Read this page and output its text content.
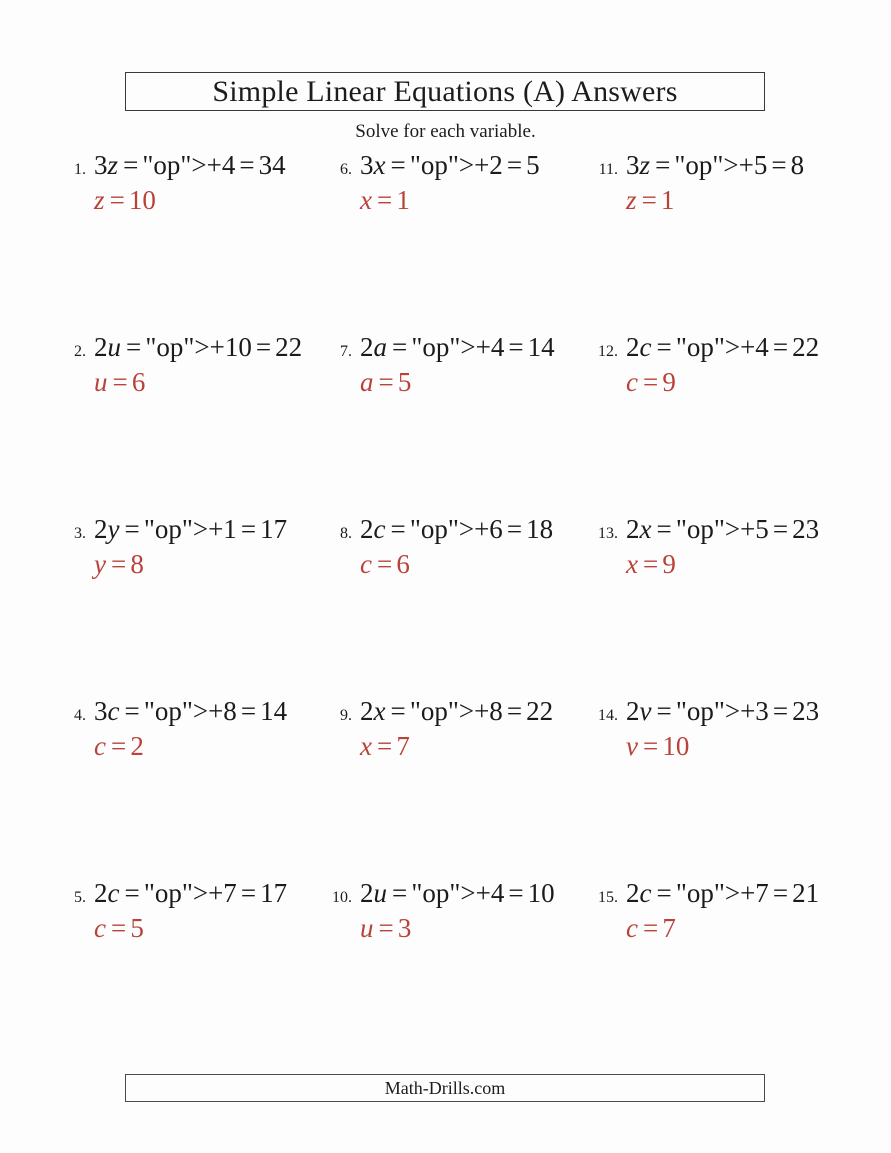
Simple Linear Equations (A) Answers
Solve for each variable.
1. 3z = "op">+4 = 34
z = 10
2. 2u = "op">+10 = 22
u = 6
3. 2y = "op">+1 = 17
y = 8
4. 3c = "op">+8 = 14
c = 2
5. 2c = "op">+7 = 17
c = 5
6. 3x = "op">+2 = 5
x = 1
7. 2a = "op">+4 = 14
a = 5
8. 2c = "op">+6 = 18
c = 6
9. 2x = "op">+8 = 22
x = 7
10. 2u = "op">+4 = 10
u = 3
11. 3z = "op">+5 = 8
z = 1
12. 2c = "op">+4 = 22
c = 9
13. 2x = "op">+5 = 23
x = 9
14. 2v = "op">+3 = 23
v = 10
15. 2c = "op">+7 = 21
c = 7
Math-Drills.com
